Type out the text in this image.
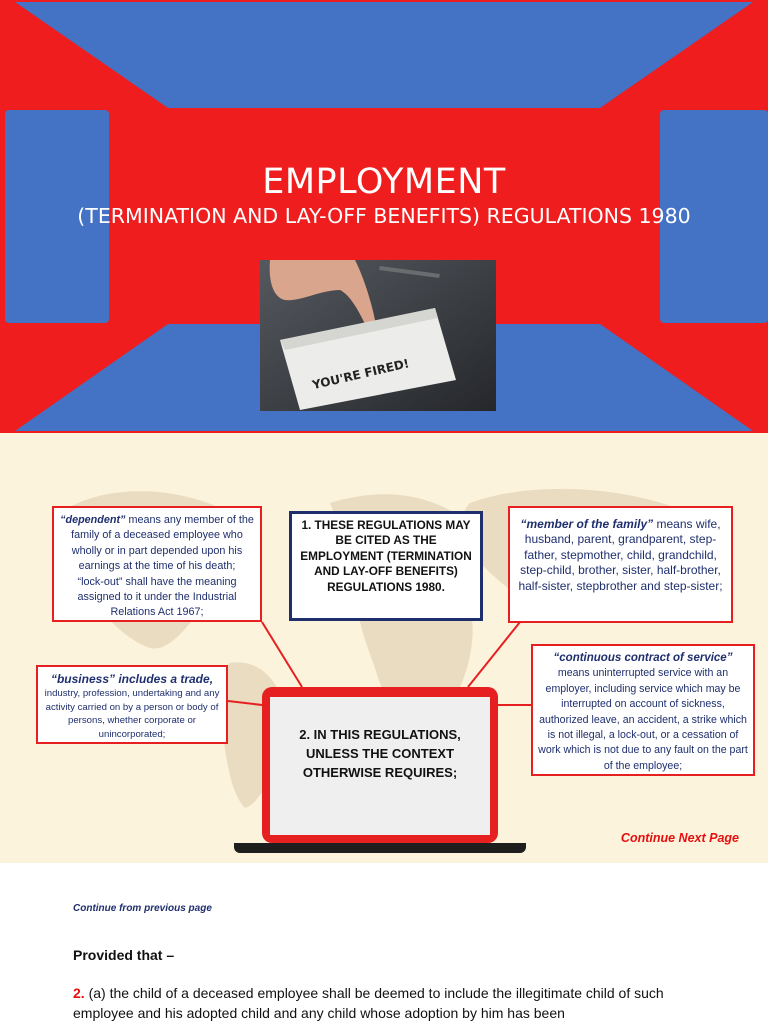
EMPLOYMENT
(TERMINATION AND LAY-OFF BENEFITS) REGULATIONS 1980
YOU'RE FIRED!
“dependent” means any member of the family of a deceased employee who wholly or in part depended upon his earnings at the time of his death;
“lock-out” shall have the meaning assigned to it under the Industrial Relations Act 1967;
1. THESE REGULATIONS MAY BE CITED AS THE EMPLOYMENT (TERMINATION AND LAY-OFF BENEFITS) REGULATIONS 1980.
“member of the family” means wife, husband, parent, grandparent, step-father, stepmother, child, grandchild, step-child, brother, sister, half-brother, half-sister, stepbrother and step-sister;
“business” includes a trade,
industry, profession, undertaking and any activity carried on by a person or body of persons, whether corporate or unincorporated;
“continuous contract of service”
means uninterrupted service with an employer, including service which may be interrupted on account of sickness, authorized leave, an accident, a strike which is not illegal, a lock-out, or a cessation of work which is not due to any fault on the part of the employee;
2. IN THIS REGULATIONS, UNLESS THE CONTEXT OTHERWISE REQUIRES;
Continue Next Page
Continue from previous page
Provided that –
2. (a) the child of a deceased employee shall be deemed to include the illegitimate child of such employee and his adopted child and any child whose adoption by him has been
